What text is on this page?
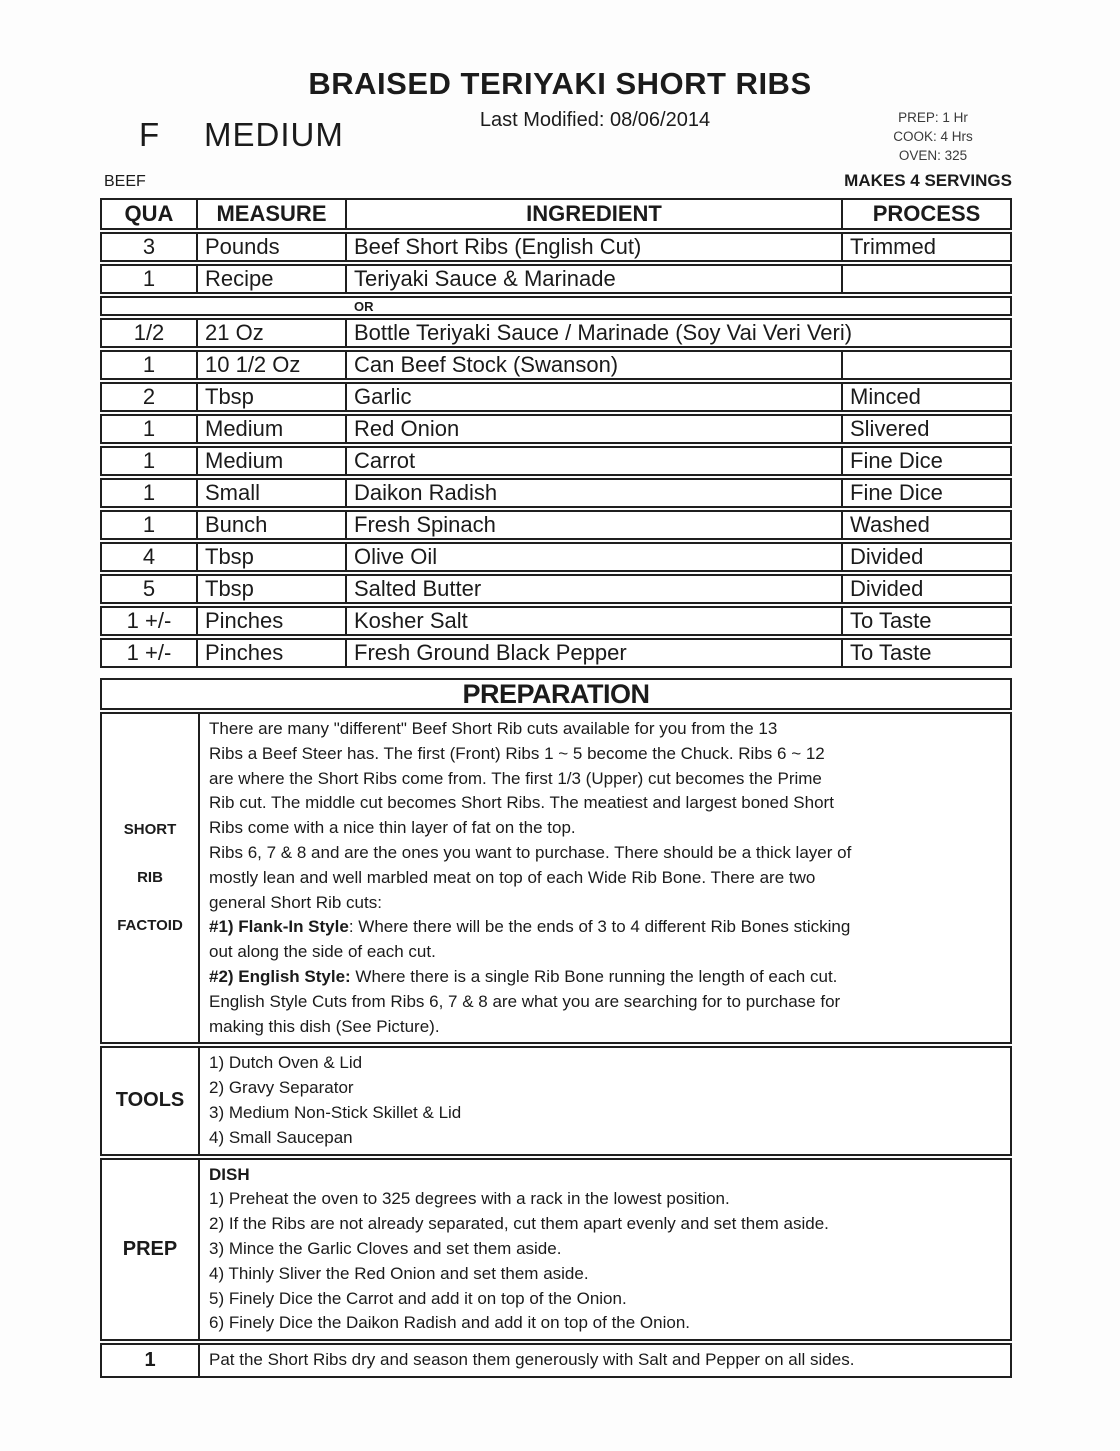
BRAISED TERIYAKI SHORT RIBS
Last Modified: 08/06/2014
F MEDIUM	PREP: 1 Hr
COOK: 4 Hrs
OVEN: 325
BEEF	MAKES 4 SERVINGS
QUA	MEASURE	INGREDIENT	PROCESS
3	Pounds	Beef Short Ribs (English Cut)	Trimmed
1	Recipe	Teriyaki Sauce & Marinade
OR
1/2	21 Oz	Bottle Teriyaki Sauce / Marinade (Soy Vai Veri Veri)
1	10 1/2 Oz	Can Beef Stock (Swanson)
2	Tbsp	Garlic	Minced
1	Medium	Red Onion	Slivered
1	Medium	Carrot	Fine Dice
1	Small	Daikon Radish	Fine Dice
1	Bunch	Fresh Spinach	Washed
4	Tbsp	Olive Oil	Divided
5	Tbsp	Salted Butter	Divided
1 +/-	Pinches	Kosher Salt	To Taste
1 +/-	Pinches	Fresh Ground Black Pepper	To Taste
PREPARATION
SHORT
RIB
FACTOID
There are many "different" Beef Short Rib cuts available for you from the 13
Ribs a Beef Steer has. The first (Front) Ribs 1 ~ 5 become the Chuck. Ribs 6 ~ 12
are where the Short Ribs come from. The first 1/3 (Upper) cut becomes the Prime
Rib cut. The middle cut becomes Short Ribs. The meatiest and largest boned Short
Ribs come with a nice thin layer of fat on the top.
Ribs 6, 7 & 8 and are the ones you want to purchase. There should be a thick layer of
mostly lean and well marbled meat on top of each Wide Rib Bone. There are two
general Short Rib cuts:
#1) Flank-In Style: Where there will be the ends of 3 to 4 different Rib Bones sticking
out along the side of each cut.
#2) English Style: Where there is a single Rib Bone running the length of each cut.
English Style Cuts from Ribs 6, 7 & 8 are what you are searching for to purchase for
making this dish (See Picture).
TOOLS
1) Dutch Oven & Lid
2) Gravy Separator
3) Medium Non-Stick Skillet & Lid
4) Small Saucepan
PREP
DISH
1) Preheat the oven to 325 degrees with a rack in the lowest position.
2) If the Ribs are not already separated, cut them apart evenly and set them aside.
3) Mince the Garlic Cloves and set them aside.
4) Thinly Sliver the Red Onion and set them aside.
5) Finely Dice the Carrot and add it on top of the Onion.
6) Finely Dice the Daikon Radish and add it on top of the Onion.
1	Pat the Short Ribs dry and season them generously with Salt and Pepper on all sides.
